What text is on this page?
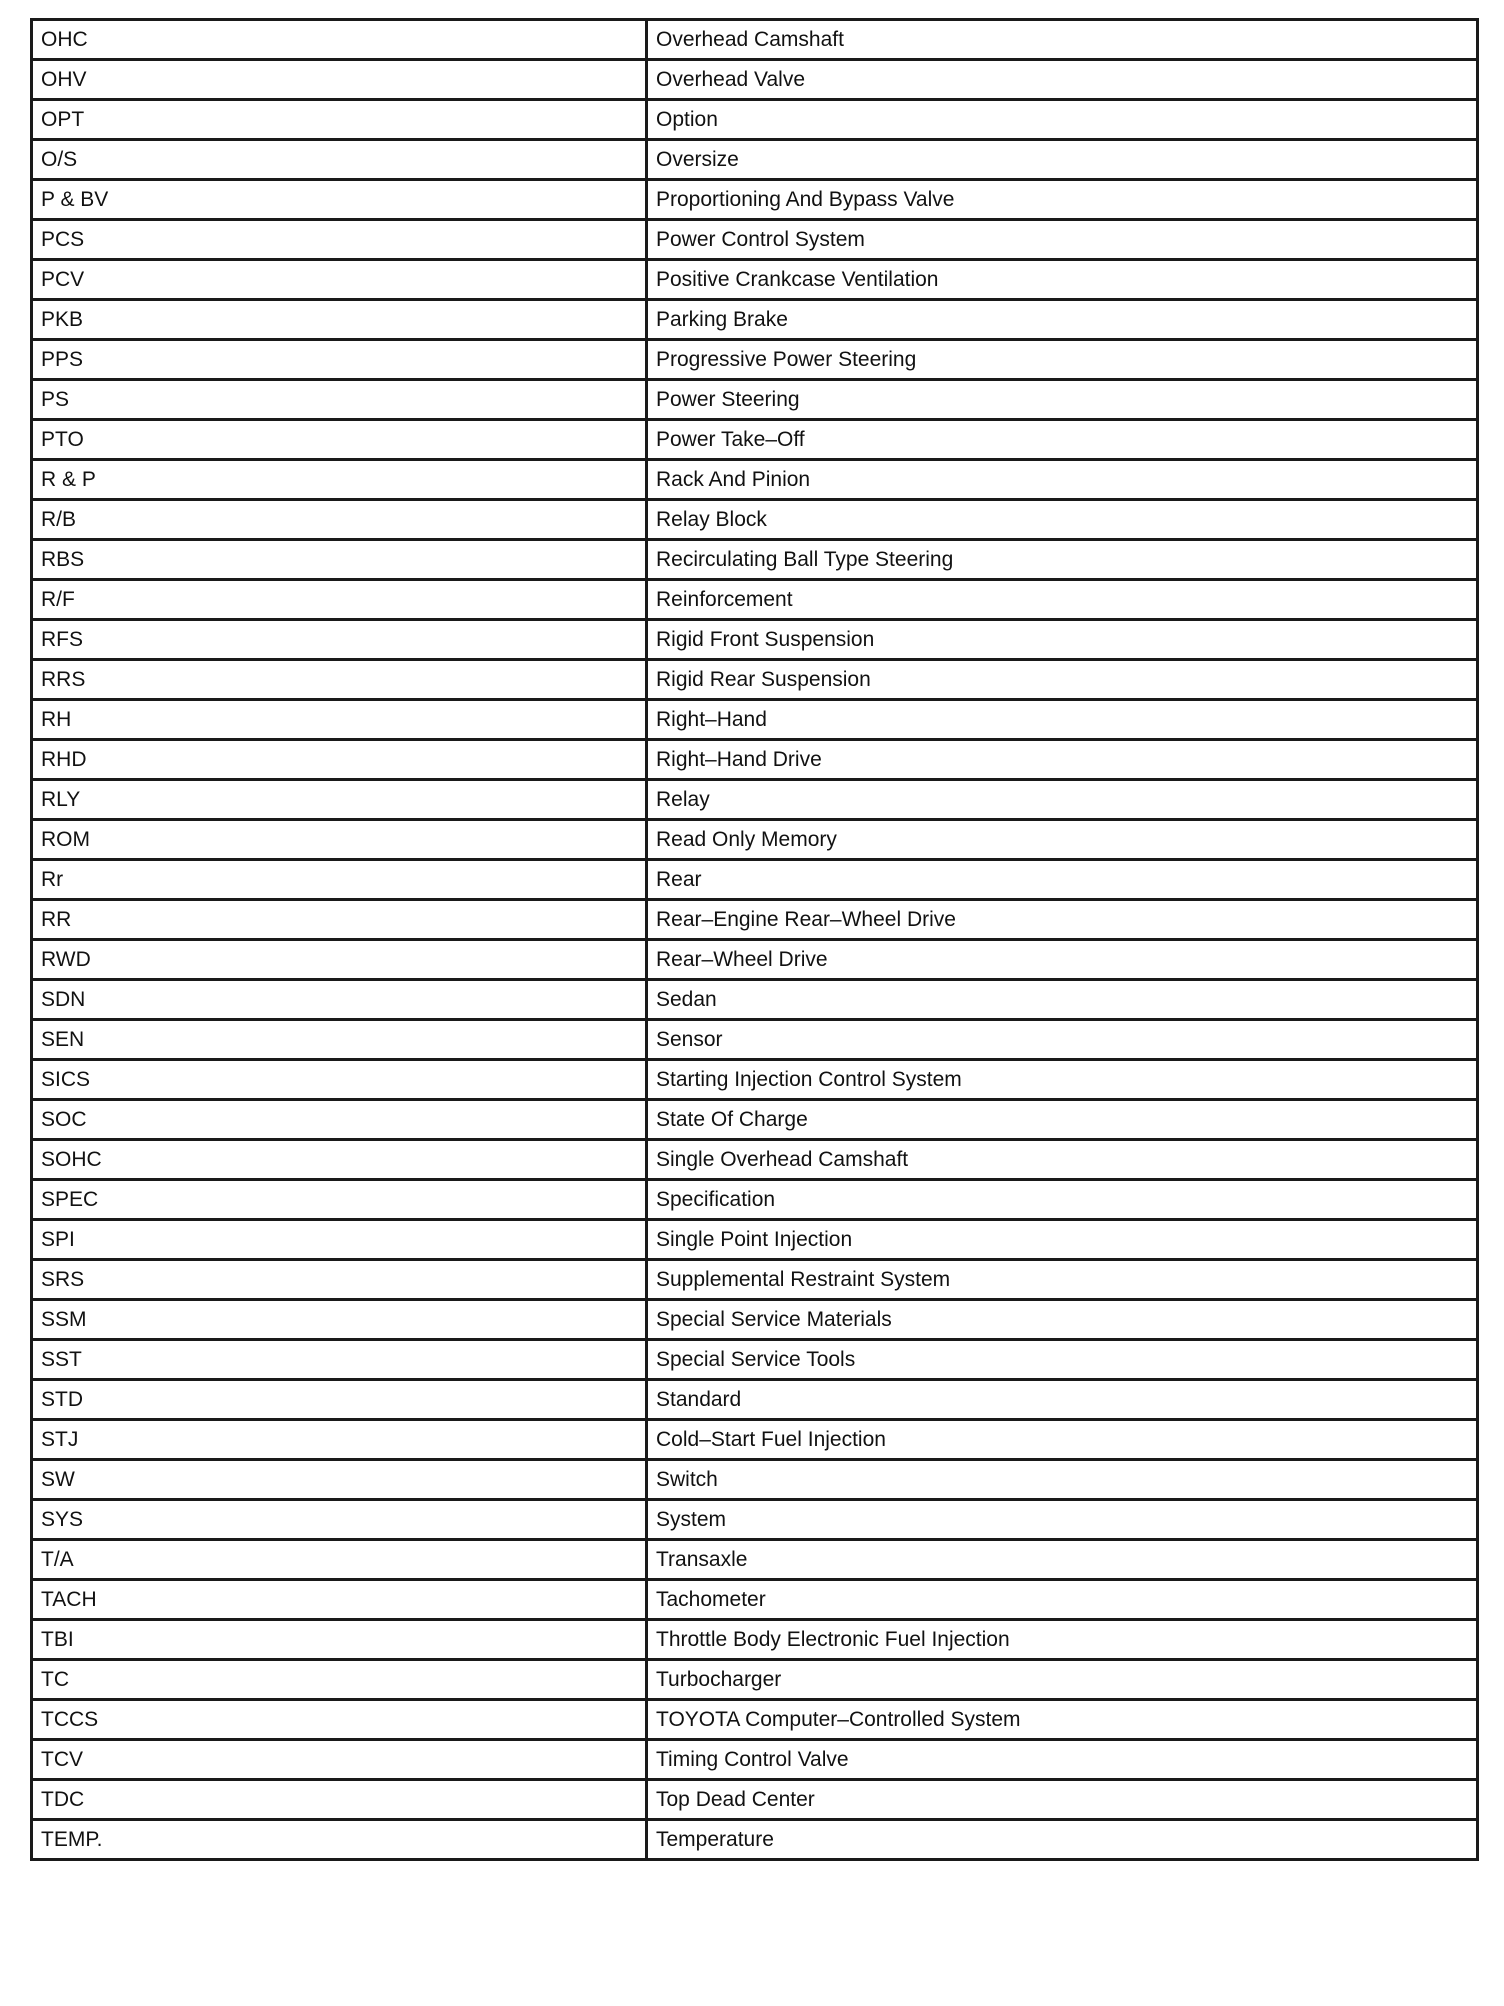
OHC	Overhead Camshaft
OHV	Overhead Valve
OPT	Option
O/S	Oversize
P & BV	Proportioning And Bypass Valve
PCS	Power Control System
PCV	Positive Crankcase Ventilation
PKB	Parking Brake
PPS	Progressive Power Steering
PS	Power Steering
PTO	Power Take–Off
R & P	Rack And Pinion
R/B	Relay Block
RBS	Recirculating Ball Type Steering
R/F	Reinforcement
RFS	Rigid Front Suspension
RRS	Rigid Rear Suspension
RH	Right–Hand
RHD	Right–Hand Drive
RLY	Relay
ROM	Read Only Memory
Rr	Rear
RR	Rear–Engine Rear–Wheel Drive
RWD	Rear–Wheel Drive
SDN	Sedan
SEN	Sensor
SICS	Starting Injection Control System
SOC	State Of Charge
SOHC	Single Overhead Camshaft
SPEC	Specification
SPI	Single Point Injection
SRS	Supplemental Restraint System
SSM	Special Service Materials
SST	Special Service Tools
STD	Standard
STJ	Cold–Start Fuel Injection
SW	Switch
SYS	System
T/A	Transaxle
TACH	Tachometer
TBI	Throttle Body Electronic Fuel Injection
TC	Turbocharger
TCCS	TOYOTA Computer–Controlled System
TCV	Timing Control Valve
TDC	Top Dead Center
TEMP.	Temperature
